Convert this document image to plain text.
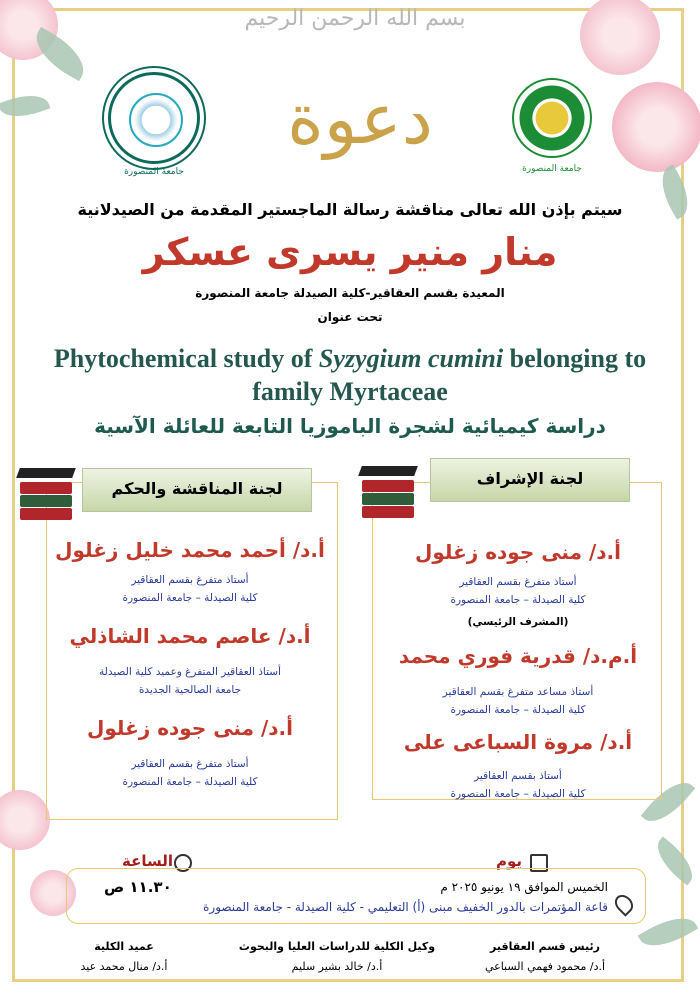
بسم الله الرحمن الرحيم
جامعة المنصورة	جامعة المنصورة
دعوة
سيتم بإذن الله تعالى مناقشة رسالة الماجستير المقدمة من الصيدلانية
منار منير يسرى عسكر
المعيدة بقسم العقاقير-كلية الصيدلة جامعة المنصورة
تحت عنوان
Phytochemical study of Syzygium cumini belonging to family Myrtaceae
دراسة كيميائية لشجرة الباموزيا التابعة للعائلة الآسية
لجنة المناقشة والحكم
أ.د/ أحمد محمد خليل زغلول
أستاذ متفرغ بقسم العقاقير
كلية الصيدلة – جامعة المنصورة
أ.د/ عاصم محمد الشاذلي
أستاذ العقاقير المتفرغ وعميد كلية الصيدلة
جامعة الصالحية الجديدة
أ.د/ منى جوده زغلول
أستاذ متفرغ بقسم العقاقير
كلية الصيدلة – جامعة المنصورة
لجنة الإشراف
أ.د/ منى جوده زغلول
أستاذ متفرغ بقسم العقاقير
كلية الصيدلة – جامعة المنصورة
(المشرف الرئيسي)
أ.م.د/ قدرية فوري محمد
أستاذ مساعد متفرغ بقسم العقاقير
كلية الصيدلة – جامعة المنصورة
أ.د/ مروة السباعى على
أستاذ بقسم العقاقير
كلية الصيدلة – جامعة المنصورة
الساعة	يوم
١١.٣٠ ص	الخميس الموافق ١٩ يونيو ٢٠٢٥ م
قاعة المؤتمرات بالدور الخفيف مبنى (أ) التعليمي - كلية الصيدلة - جامعة المنصورة
عميد الكلية
أ.د/ منال محمد عيد
وكيل الكلية للدراسات العليا والبحوث
أ.د/ خالد بشير سليم
رئيس قسم العقاقير
أ.د/ محمود فهمي السباعي
